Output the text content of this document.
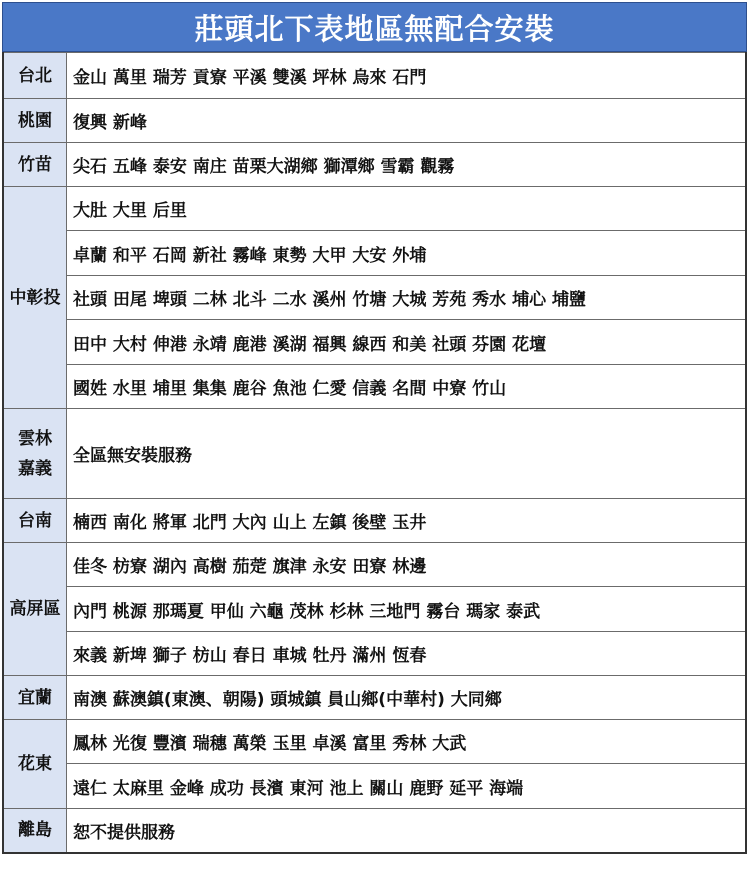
莊頭北下表地區無配合安裝
台北	金山 萬里 瑞芳 貢寮 平溪 雙溪 坪林 烏來 石門
桃園	復興 新峰
竹苗	尖石 五峰 泰安 南庄 苗栗大湖鄉 獅潭鄉 雪霸 觀霧
中彰投	大肚 大里 后里
	卓蘭 和平 石岡 新社 霧峰 東勢 大甲 大安 外埔
	社頭 田尾 埤頭 二林 北斗 二水 溪州 竹塘 大城 芳苑 秀水 埔心 埔鹽
	田中 大村 伸港 永靖 鹿港 溪湖 福興 線西 和美 社頭 芬園 花壇
	國姓 水里 埔里 集集 鹿谷 魚池 仁愛 信義 名間 中寮 竹山
雲林
嘉義	全區無安裝服務
台南	楠西 南化 將軍 北門 大內 山上 左鎮 後壁 玉井
高屏區	佳冬 枋寮 湖內 高樹 茄萣 旗津 永安 田寮 林邊
	內門 桃源 那瑪夏 甲仙 六龜 茂林 杉林 三地門 霧台 瑪家 泰武
	來義 新埤 獅子 枋山 春日 車城 牡丹 滿州 恆春
宜蘭	南澳 蘇澳鎮(東澳、朝陽) 頭城鎮 員山鄉(中華村) 大同鄉
花東	鳳林 光復 豐濱 瑞穗 萬榮 玉里 卓溪 富里 秀林 大武
	遠仁 太麻里 金峰 成功 長濱 東河 池上 關山 鹿野 延平 海端
離島	恕不提供服務
